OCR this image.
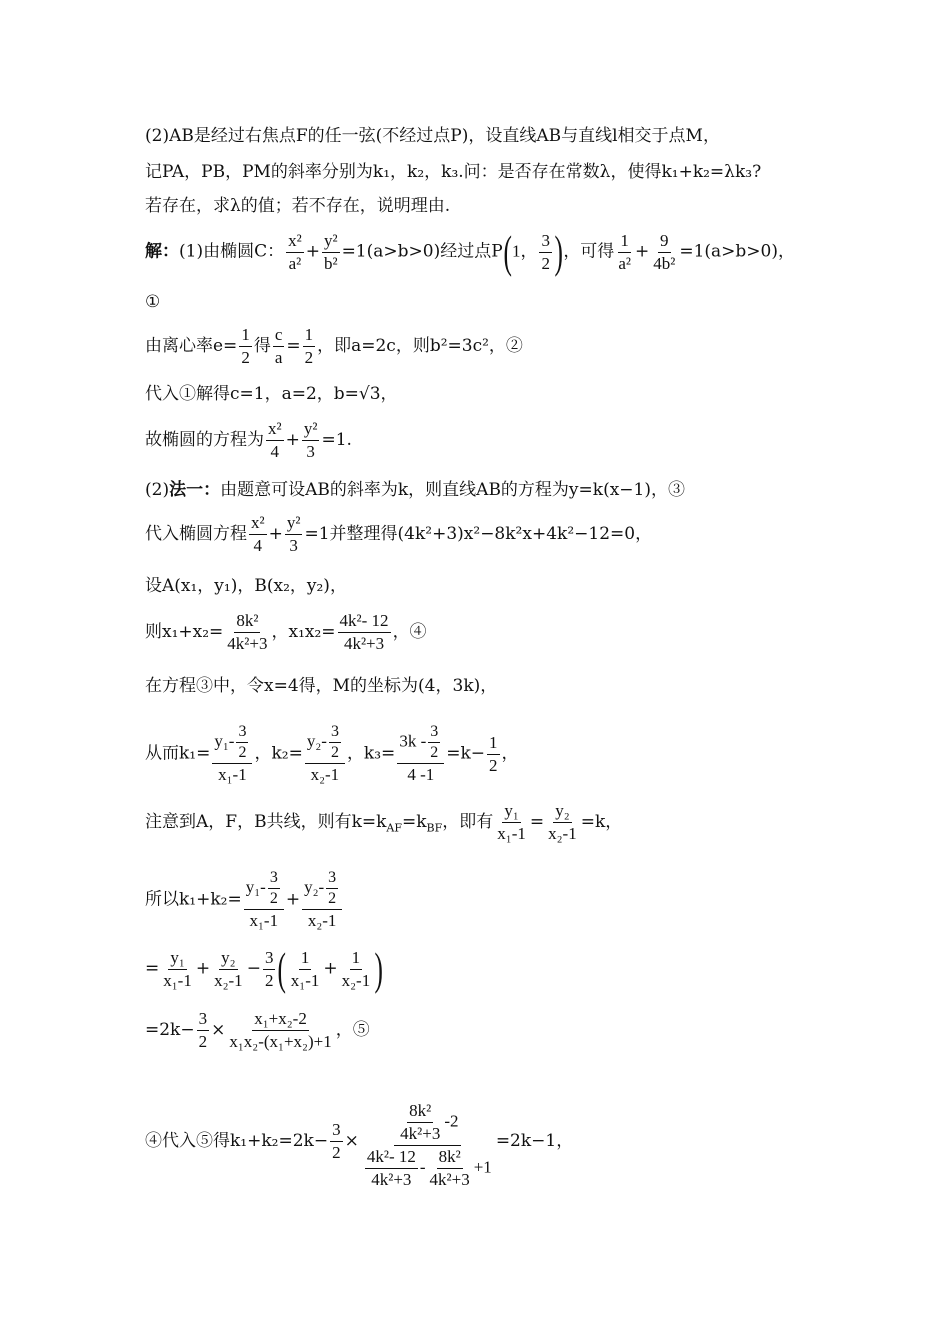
(2)AB是经过右焦点F的任一弦(不经过点P)，设直线AB与直线l相交于点M，
记PA，PB，PM的斜率分别为k₁，k₂，k₃.问：是否存在常数λ，使得k₁+k₂=λk₃?
若存在，求λ的值；若不存在，说明理由.
解：(1)由椭圆C： $\frac{\text{x²}}{\text{a²}} + \frac{\text{y²}}{\text{b²}} =1(a>b>0)$经过点P(1， $\frac{3}{2}$ )，可得 $\frac{1}{\text{a²}} + \frac{9}{\text{4b²}} =1(a>b>0)$，
①
由离心率$e= \frac{1}{2}$ 得 $\frac{c}{a} = \frac{1}{2}$ ，即a=2c，则b²=3c²，②
代入①解得c=1，a=2，b=√3，
故椭圆的方程为 $\frac{\text{x²}}{4} + \frac{\text{y²}}{3} =1$.
(2)法一：由题意可设AB的斜率为k，则直线AB的方程为y=k(x−1)，③
代入椭圆方程 $\frac{\text{x²}}{4} + \frac{\text{y²}}{3} =1$并整理得(4k²+3)x²−8k²x+4k²−12=0，
设A(x₁，y₁)，B(x₂，y₂)，
则$x_1+x_2= \frac{\text{8k²}}{\text{4k²+3}}$ ，$x_1x_2= \frac{\text{4k²- 12}}{\text{4k²+3}}$ ，④
在方程③中，令x=4得，M的坐标为(4，3k)，
从而$k_1= \frac{y_1- \frac{3}{2}}{\text{x₁-1}}$ ，$k_2= \frac{y_2- \frac{3}{2}}{\text{x₂-1}}$ ，$k_3= \frac{3k - \frac{3}{2}}{4 -1} =k- \frac{1}{2}$ ，
注意到A，F，B共线，则有$k=k_{AF}=k_{BF}$，即有 $\frac{\text{y₁}}{\text{x₁-1}} = \frac{\text{y₂}}{\text{x₂-1}} =k$，
所以$k_1+k_2= \frac{y_1- \frac{3}{2}}{\text{x₁-1}} + \frac{y_2- \frac{3}{2}}{\text{x₂-1}}$
= $\frac{\text{y₁}}{\text{x₁-1}} + \frac{\text{y₂}}{\text{x₂-1}} - \frac{3}{2}$ ( $\frac{1}{\text{x₁-1}} + \frac{1}{\text{x₂-1}}$ )
$=2k- \frac{3}{2} \times \frac{\text{x₁+x₂-2}}{\text{x₁x₂-(x₁+x₂)+1}}$ ，⑤
④代入⑤得$k_1+k_2=2k- \frac{3}{2} \times \frac{\frac{\text{8k²}}{\text{4k²+3}} -2}{\frac{\text{4k²- 12}}{\text{4k²+3}} - \frac{\text{8k²}}{\text{4k²+3}} +1} =2k-1$，
